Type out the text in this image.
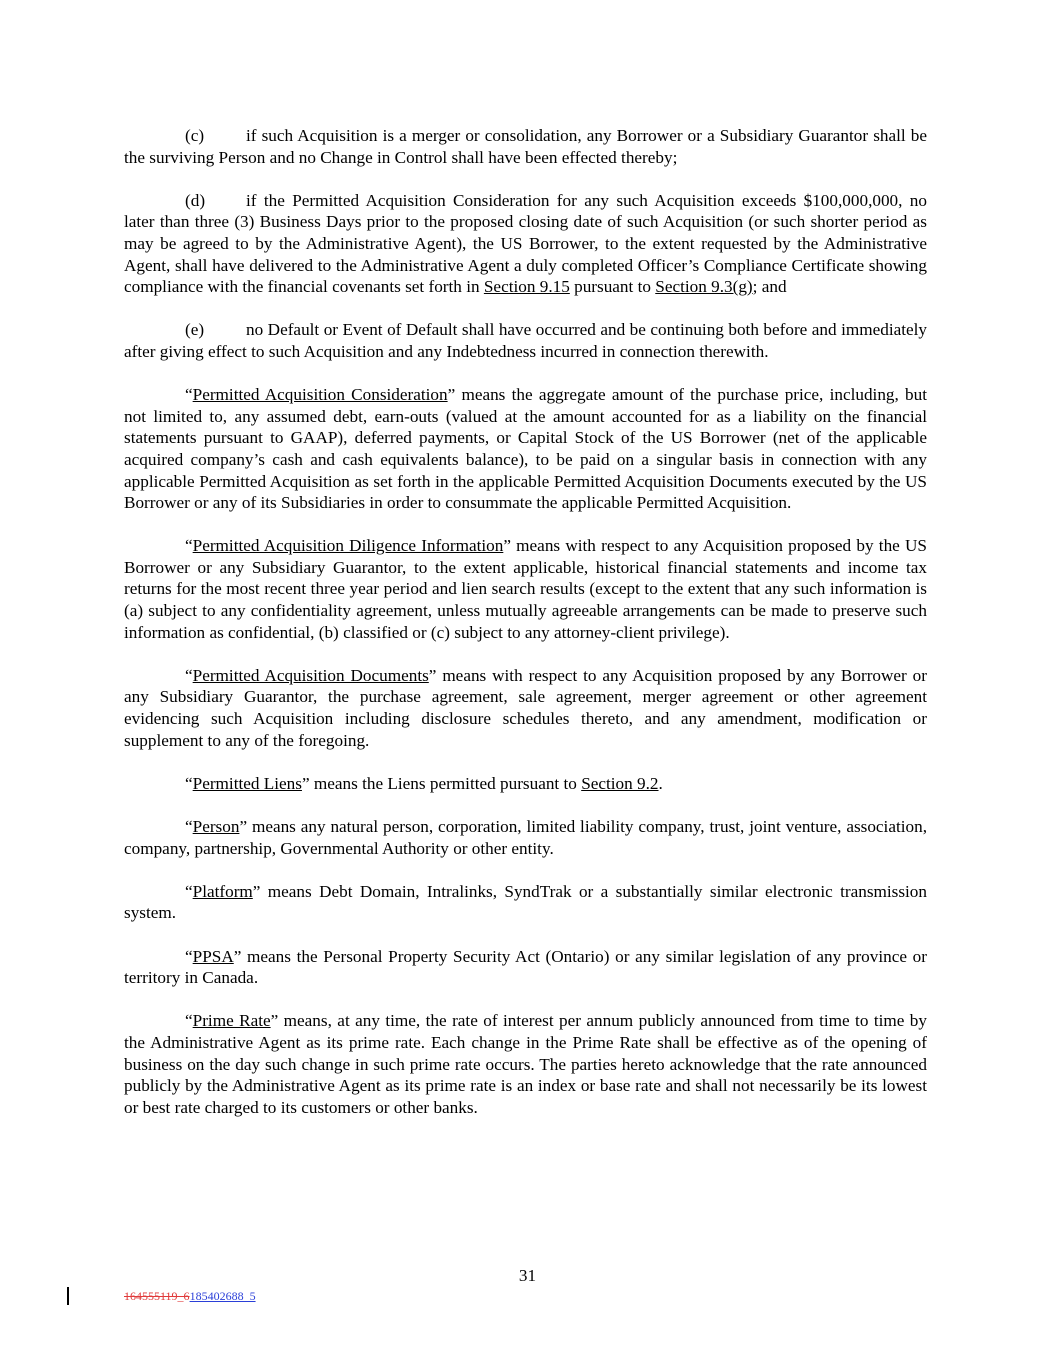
(c) if such Acquisition is a merger or consolidation, any Borrower or a Subsidiary Guarantor shall be the surviving Person and no Change in Control shall have been effected thereby;

(d) if the Permitted Acquisition Consideration for any such Acquisition exceeds $100,000,000, no later than three (3) Business Days prior to the proposed closing date of such Acquisition (or such shorter period as may be agreed to by the Administrative Agent), the US Borrower, to the extent requested by the Administrative Agent, shall have delivered to the Administrative Agent a duly completed Officer’s Compliance Certificate showing compliance with the financial covenants set forth in Section 9.15 pursuant to Section 9.3(g); and

(e) no Default or Event of Default shall have occurred and be continuing both before and immediately after giving effect to such Acquisition and any Indebtedness incurred in connection therewith.

“Permitted Acquisition Consideration” means the aggregate amount of the purchase price, including, but not limited to, any assumed debt, earn-outs (valued at the amount accounted for as a liability on the financial statements pursuant to GAAP), deferred payments, or Capital Stock of the US Borrower (net of the applicable acquired company’s cash and cash equivalents balance), to be paid on a singular basis in connection with any applicable Permitted Acquisition as set forth in the applicable Permitted Acquisition Documents executed by the US Borrower or any of its Subsidiaries in order to consummate the applicable Permitted Acquisition.

“Permitted Acquisition Diligence Information” means with respect to any Acquisition proposed by the US Borrower or any Subsidiary Guarantor, to the extent applicable, historical financial statements and income tax returns for the most recent three year period and lien search results (except to the extent that any such information is (a) subject to any confidentiality agreement, unless mutually agreeable arrangements can be made to preserve such information as confidential, (b) classified or (c) subject to any attorney-client privilege).

“Permitted Acquisition Documents” means with respect to any Acquisition proposed by any Borrower or any Subsidiary Guarantor, the purchase agreement, sale agreement, merger agreement or other agreement evidencing such Acquisition including disclosure schedules thereto, and any amendment, modification or supplement to any of the foregoing.

“Permitted Liens” means the Liens permitted pursuant to Section 9.2.

“Person” means any natural person, corporation, limited liability company, trust, joint venture, association, company, partnership, Governmental Authority or other entity.

“Platform” means Debt Domain, Intralinks, SyndTrak or a substantially similar electronic transmission system.

“PPSA” means the Personal Property Security Act (Ontario) or any similar legislation of any province or territory in Canada.

“Prime Rate” means, at any time, the rate of interest per annum publicly announced from time to time by the Administrative Agent as its prime rate. Each change in the Prime Rate shall be effective as of the opening of business on the day such change in such prime rate occurs. The parties hereto acknowledge that the rate announced publicly by the Administrative Agent as its prime rate is an index or base rate and shall not necessarily be its lowest or best rate charged to its customers or other banks.

31
164555119_6185402688_5
